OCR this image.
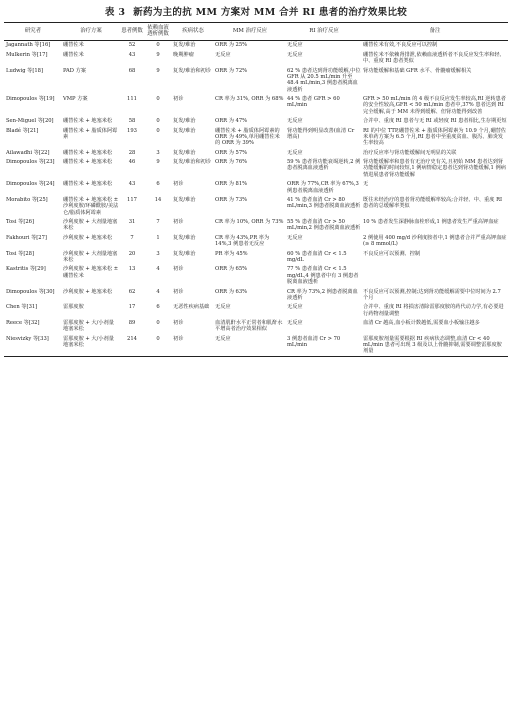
表 3 新药为主的抗 MM 方案对 MM 合并 RI 患者的治疗效果比较
研究者	治疗方案	患者例数	依赖血液透析例数	疾病状态	MM 治疗反应	RI 治疗反应	备注
Jagannath 等[16]	硼替佐米	52	0	复发/难治	ORR 为 25%	无反应	硼替佐米有效,不良反应可以控制
Mulkerin 等[17]	硼替佐米	43	9	晚期肿瘤	无反应	无反应	硼替佐米不依赖肾排泄,依赖血液透析者不良反应发生率和轻、中、重度 RI 患者类似
Ludwig 等[18]	PAD 方案	68	9	复发/难治和初诊	ORR 为 72%	62 % 患者达到肾功能缓解,中位 GFR 从 20.5 mL/min 升至 48.4 mL/min,3 例患者脱离血液透析	肾功能缓解和基础 GFR 水平、骨髓瘤缓解相关
Dimopoulos 等[19]	VMP 方案	111	0	初诊	CR 率为 31%, ORR 为 68%	44 % 患者 GFR > 60 mL/min	GFR > 50 mL/min 的 4 级不良反应发生率较高,RI 逆转患者的安全性较高,GFR < 50 mL/min 患者中,37% 患者达到 RI 完全缓解,高于 MM 未得到缓解、但肾功能得到改善
Sen-Miguel 等[20]	硼替佐米 + 地塞米松	58	0	复发/难治	ORR 为 47%	无反应	合并中、重度 RI 患者与无 RI 或轻度 RI 患者相比,生存期更短
Bladé 等[21]	硼替佐米 + 脂质体阿霉素	193	0	复发/难治	硼替佐米 + 脂质体阿霉素的 ORR 为 49%,单用硼替佐米的 ORR 为 39%	肾功能得到明显改善(血清 Cr 增高)	RI 的中位 TTP,硼替佐米 + 脂质体阿霉素为 10.9 个月,硼替佐米单药方案为 6.5 个月,RI 患者中至重度贫血、腹泻、肺炎发生率较高
Ailawadhi 等[22]	硼替佐米 + 地塞米松	28	3	复发/难治	ORR 为 57%	无反应	治疗反应率与肾功能缓解间无明显的关联
Dimopoulos 等[23]	硼替佐米 + 地塞米松	46	9	复发/难治和初诊	ORR 为 76%	59 % 患者肾功能衰竭逆转,2 例患者脱离血液透析	肾功能缓解率和患者有无治疗史有关,且初始 MM 患者达到肾功能缓解的时间较短,1 例病情稳定患者达到肾功能缓解,1 例病情进展患者肾功能缓解
Dimopoulos 等[24]	硼替佐米 + 地塞米松	43	6	初诊	ORR 为 81%	ORR 为 77%,CR 率为 67%,3 例患者脱离血液透析	无
Morabito 等[25]	硼替佐米 + 地塞米松 ± 沙利度胺/环磷酰胺/美法仑/脂质体阿霉素	117	14	复发/难治	ORR 为 73%	41 % 患者血清 Cr > 80 mL/min,3 例患者脱离血液透析	既往未经治疗的患者肾功能缓解率较高;合并轻、中、重度 RI 患者的总缓解率类似
Tosi 等[26]	沙利度胺 + 大剂量地塞米松	31	7	初诊	CR 率为 10%, ORR 为 73%	55 % 患者血清 Cr > 50 mL/min,2 例患者脱离血液透析	10 % 患者发生深静脉血栓形成,1 例患者发生严重高钾血症
Fakhouri 等[27]	沙利度胺 + 地塞米松	7	1	复发/难治	CR 率为 43%,PR 率为 14%,3 例患者无反应	无反应	2 例使用 400 mg/d 沙利度胺者中,1 例患者合并严重高钾血症(≥ 8 mmol/L)
Tosi 等[28]	沙利度胺 + 大剂量地塞米松	20	3	复发/难治	PR 率为 45%	60 % 患者血清 Cr < 1.5 mg/dL	不良反应可以预测、控制
Kastritis 等[29]	沙利度胺 + 地塞米松 ± 硼替佐米	13	4	初诊	ORR 为 65%	77 % 患者血清 Cr < 1.5 mg/dL,4 例患者中有 3 例患者脱离血液透析	
Dimopoulos 等[30]	沙利度胺 + 地塞米松	62	4	初诊	ORR 为 63%	CR 率为 73%,2 例患者脱离血液透析	不良反应可以预测,控制;达到肾功能缓解需要中位时间为 2.7 个月
Chen 等[31]	雷那度胺	17	6	无恶性疾病基础	无反应	无反应	合并中、重度 RI 将损害清除雷那度胺的药代动力学,有必要进行药物剂量调整
Reece 等[32]	雷那度胺 + 大/小剂量地塞米松	89	0	初诊	血清肌酐水平正常者和肌酐水平增高者治疗效果相似	无反应	血清 Cr 越高,血小板计数越低,需要血小板输注越多
Niesvizky 等[33]	雷那度胺 + 大/小剂量地塞米松	214	0	初诊	无反应	3 例患者血清 Cr > 70 mL/min	雷那度胺剂量需要根据 RI 疾病状态调整,血清 Cr < 40 mL/min 患者可出现 3 级及以上骨髓抑制,需要调整雷那度胺剂量
